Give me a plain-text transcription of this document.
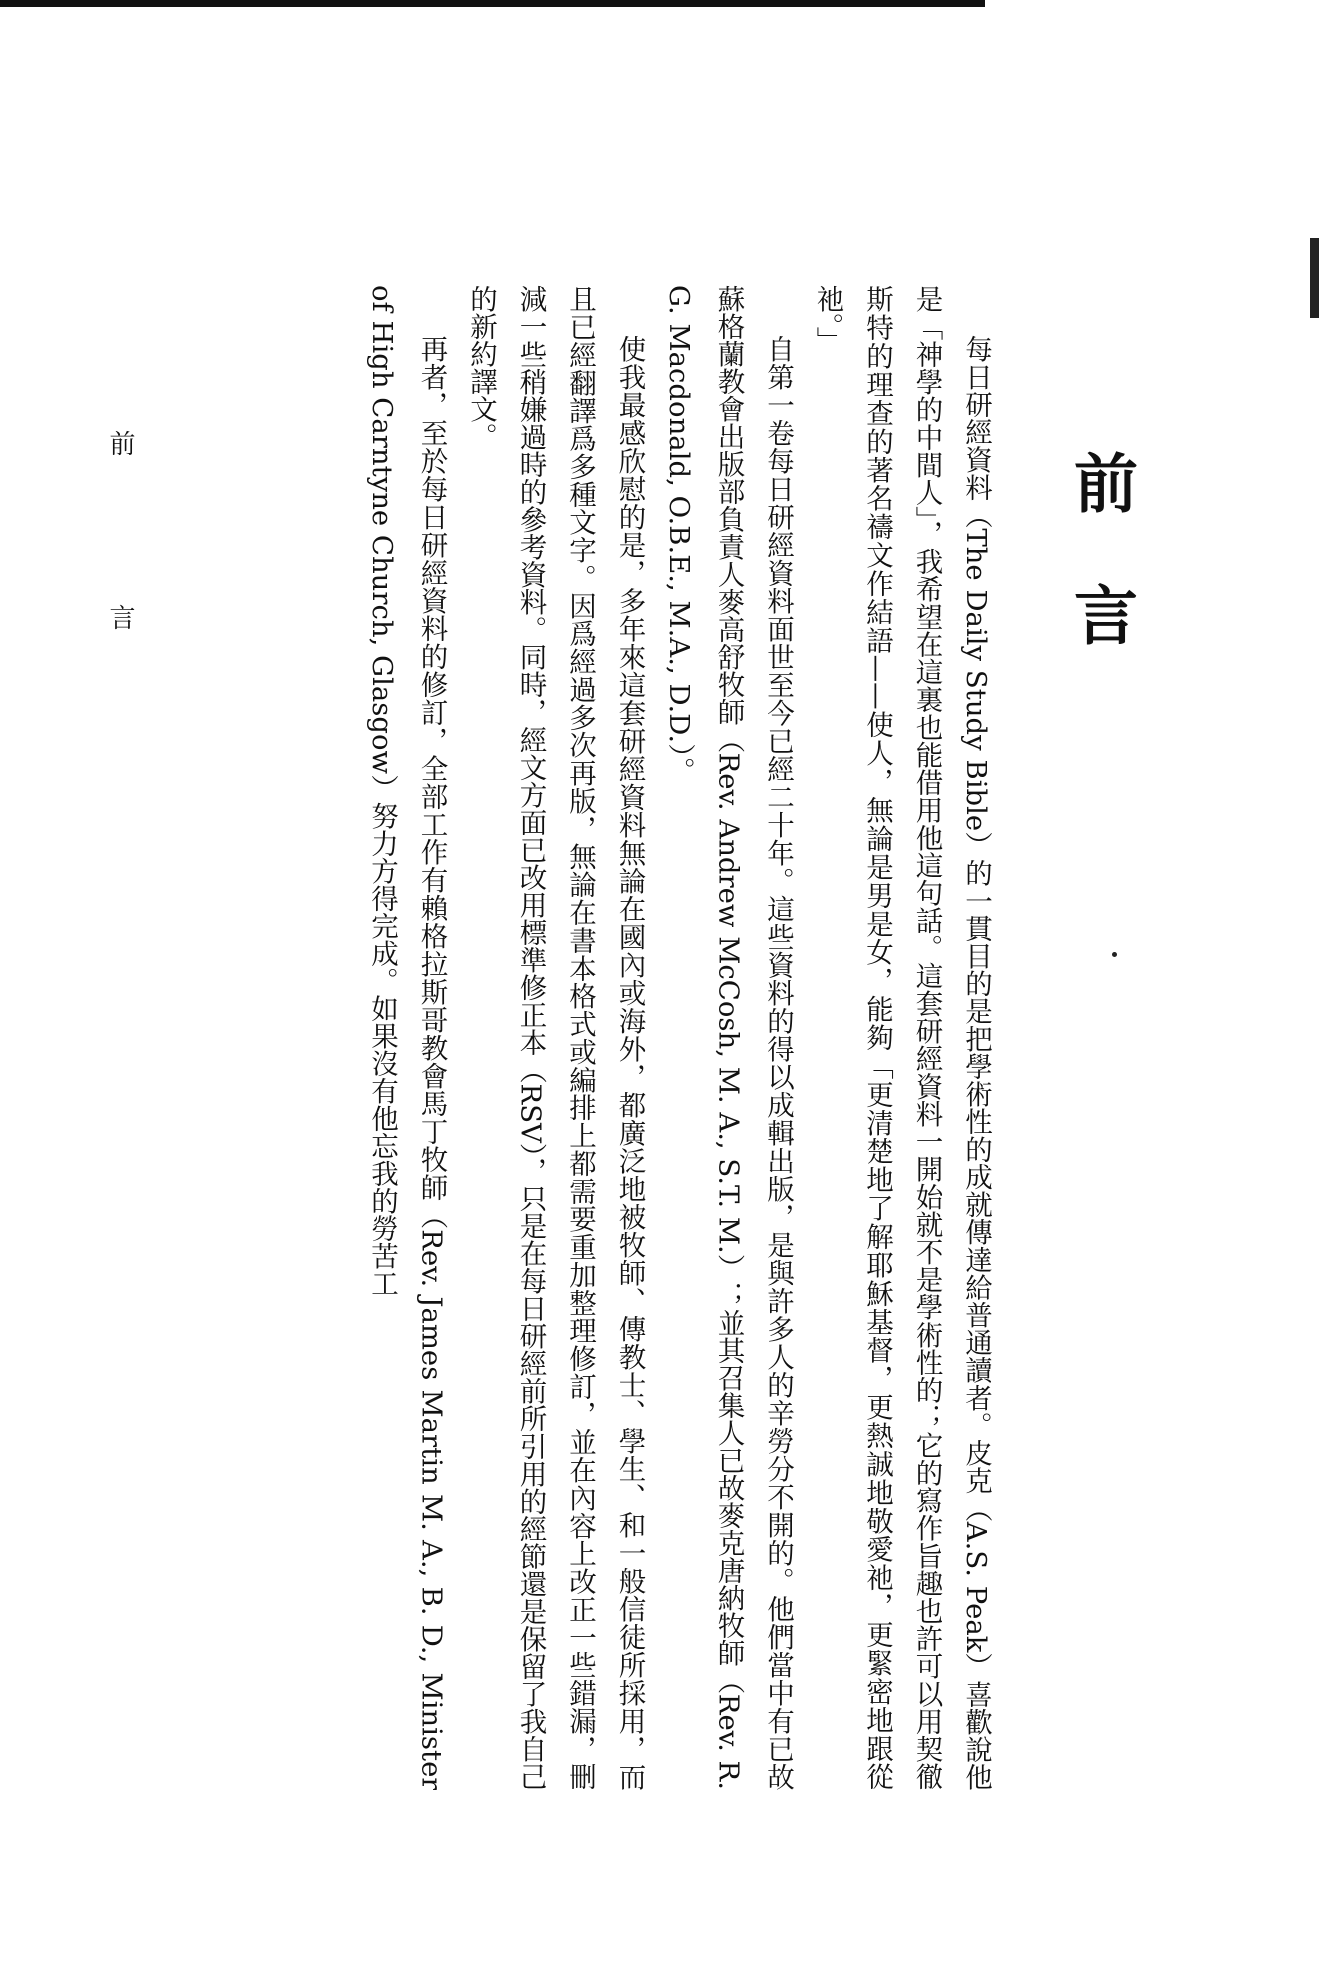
前言

每日研經資料（The Daily Study Bible）的一貫目的是把學術性的成就傳達給普通讀者。皮克（A.S. Peak）喜歡說他是「神學的中間人」，我希望在這裏也能借用他這句話。這套研經資料一開始就不是學術性的；它的寫作旨趣也許可以用契徹斯特的理查的著名禱文作結語——使人，無論是男是女，能夠「更清楚地了解耶穌基督，更熱誠地敬愛祂，更緊密地跟從祂。」

自第一卷每日研經資料面世至今已經二十年。這些資料的得以成輯出版，是與許多人的辛勞分不開的。他們當中有已故蘇格蘭教會出版部負責人麥高舒牧師（Rev. Andrew McCosh, M. A., S.T. M.）；並其召集人已故麥克唐納牧師（Rev. R. G. Macdonald, O.B.E., M.A., D.D.）。

使我最感欣慰的是，多年來這套研經資料無論在國內或海外，都廣泛地被牧師、傳教士、學生、和一般信徒所採用，而且已經翻譯爲多種文字。因爲經過多次再版，無論在書本格式或編排上都需要重加整理修訂，並在內容上改正一些錯漏，刪減一些稍嫌過時的參考資料。同時，經文方面已改用標準修正本（RSV），只是在每日研經前所引用的經節還是保留了我自己的新約譯文。

再者，至於每日研經資料的修訂，全部工作有賴格拉斯哥教會馬丁牧師（Rev. James Martin M. A., B. D., Minister of High Carntyne Church, Glasgow）努力方得完成。如果沒有他忘我的勞苦工

前 言
